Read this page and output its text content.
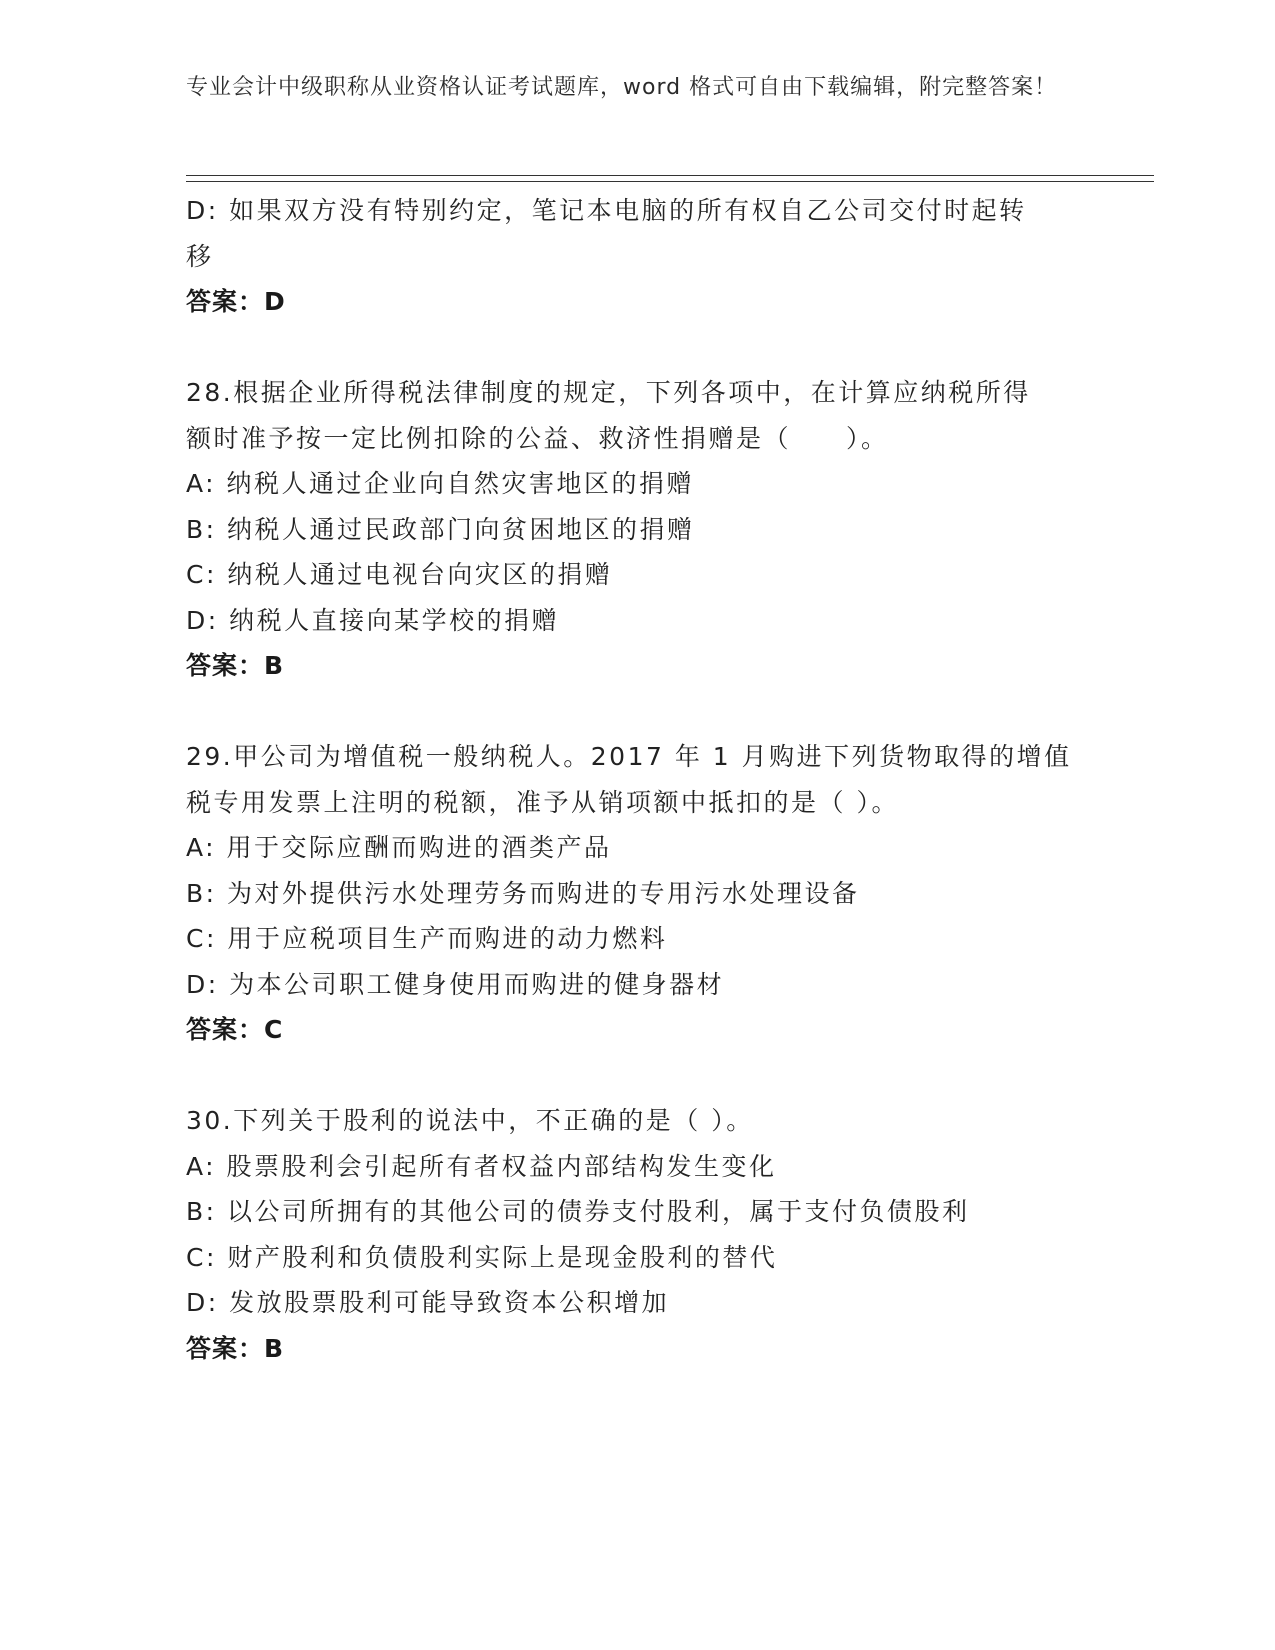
专业会计中级职称从业资格认证考试题库，word 格式可自由下载编辑，附完整答案！
D: 如果双方没有特别约定，笔记本电脑的所有权自乙公司交付时起转
移
答案：D
28.根据企业所得税法律制度的规定，下列各项中，在计算应纳税所得
额时准予按一定比例扣除的公益、救济性捐赠是（　　）。
A: 纳税人通过企业向自然灾害地区的捐赠
B: 纳税人通过民政部门向贫困地区的捐赠
C: 纳税人通过电视台向灾区的捐赠
D: 纳税人直接向某学校的捐赠
答案：B
29.甲公司为增值税一般纳税人。2017 年 1 月购进下列货物取得的增值
税专用发票上注明的税额，准予从销项额中抵扣的是（ ）。
A: 用于交际应酬而购进的酒类产品
B: 为对外提供污水处理劳务而购进的专用污水处理设备
C: 用于应税项目生产而购进的动力燃料
D: 为本公司职工健身使用而购进的健身器材
答案：C
30.下列关于股利的说法中，不正确的是（ ）。
A: 股票股利会引起所有者权益内部结构发生变化
B: 以公司所拥有的其他公司的债券支付股利，属于支付负债股利
C: 财产股利和负债股利实际上是现金股利的替代
D: 发放股票股利可能导致资本公积增加
答案：B
